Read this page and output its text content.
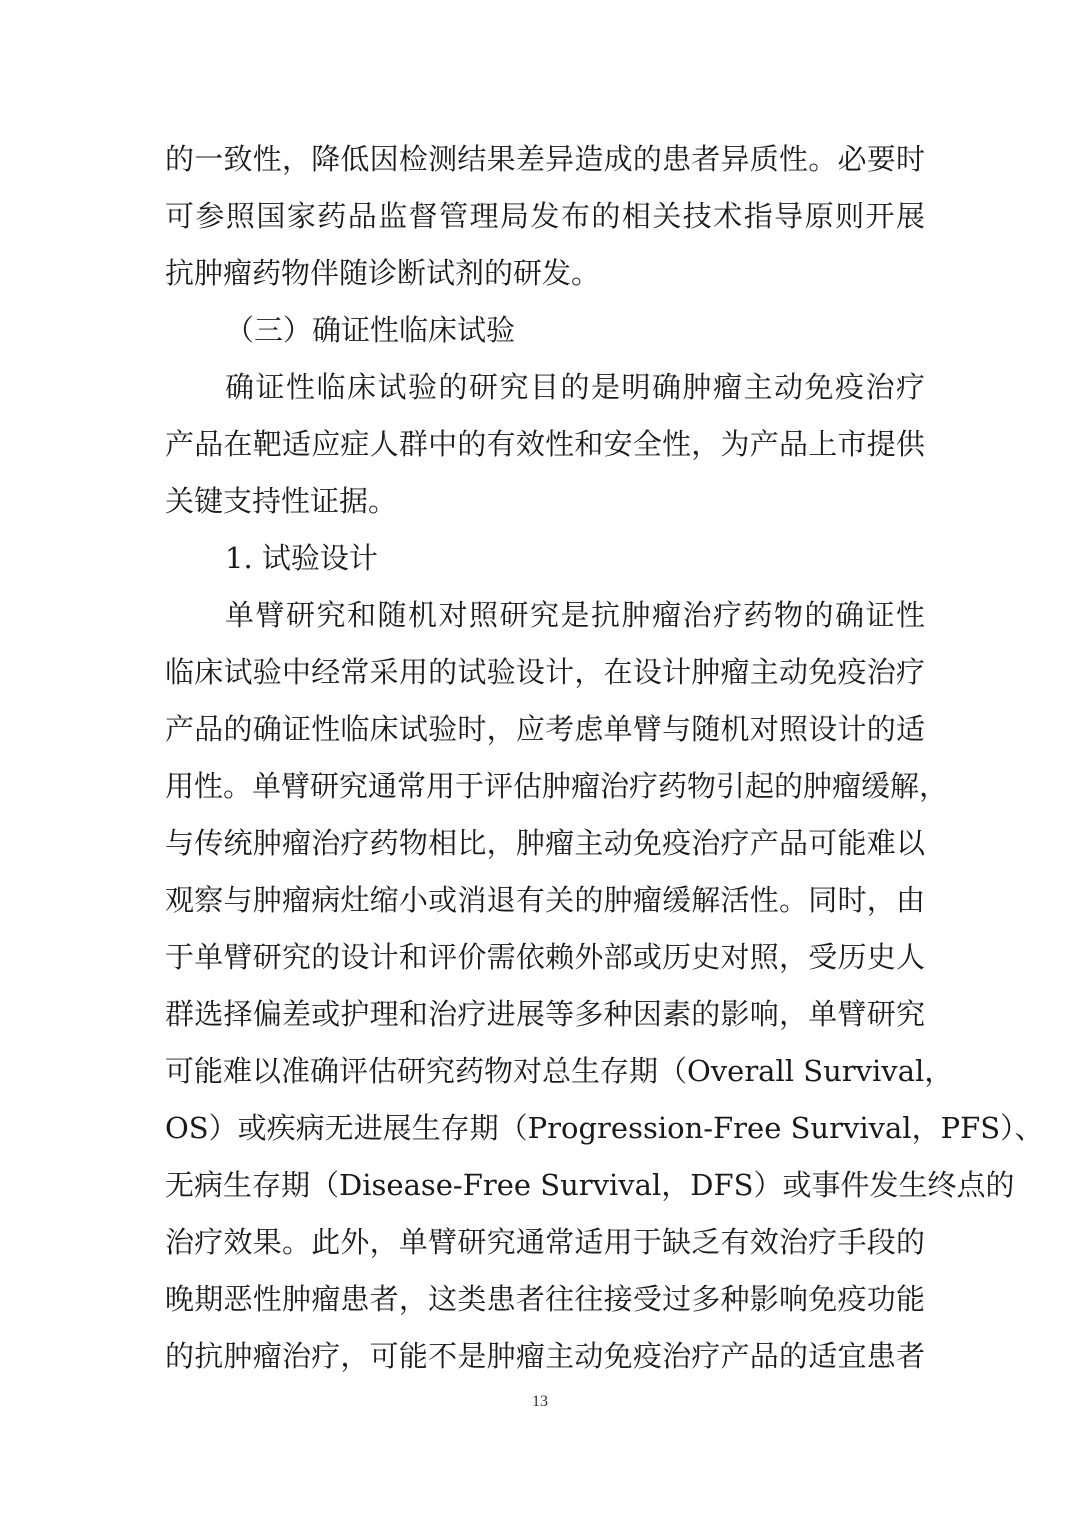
的一致性，降低因检测结果差异造成的患者异质性。必要时
可参照国家药品监督管理局发布的相关技术指导原则开展
抗肿瘤药物伴随诊断试剂的研发。
（三）确证性临床试验
确证性临床试验的研究目的是明确肿瘤主动免疫治疗
产品在靶适应症人群中的有效性和安全性，为产品上市提供
关键支持性证据。
1. 试验设计
单臂研究和随机对照研究是抗肿瘤治疗药物的确证性
临床试验中经常采用的试验设计，在设计肿瘤主动免疫治疗
产品的确证性临床试验时，应考虑单臂与随机对照设计的适
用性。单臂研究通常用于评估肿瘤治疗药物引起的肿瘤缓解，
与传统肿瘤治疗药物相比，肿瘤主动免疫治疗产品可能难以
观察与肿瘤病灶缩小或消退有关的肿瘤缓解活性。同时，由
于单臂研究的设计和评价需依赖外部或历史对照，受历史人
群选择偏差或护理和治疗进展等多种因素的影响，单臂研究
可能难以准确评估研究药物对总生存期（Overall Survival，
OS）或疾病无进展生存期（Progression-Free Survival，PFS）、
无病生存期（Disease-Free Survival，DFS）或事件发生终点的
治疗效果。此外，单臂研究通常适用于缺乏有效治疗手段的
晚期恶性肿瘤患者，这类患者往往接受过多种影响免疫功能
的抗肿瘤治疗，可能不是肿瘤主动免疫治疗产品的适宜患者
13
